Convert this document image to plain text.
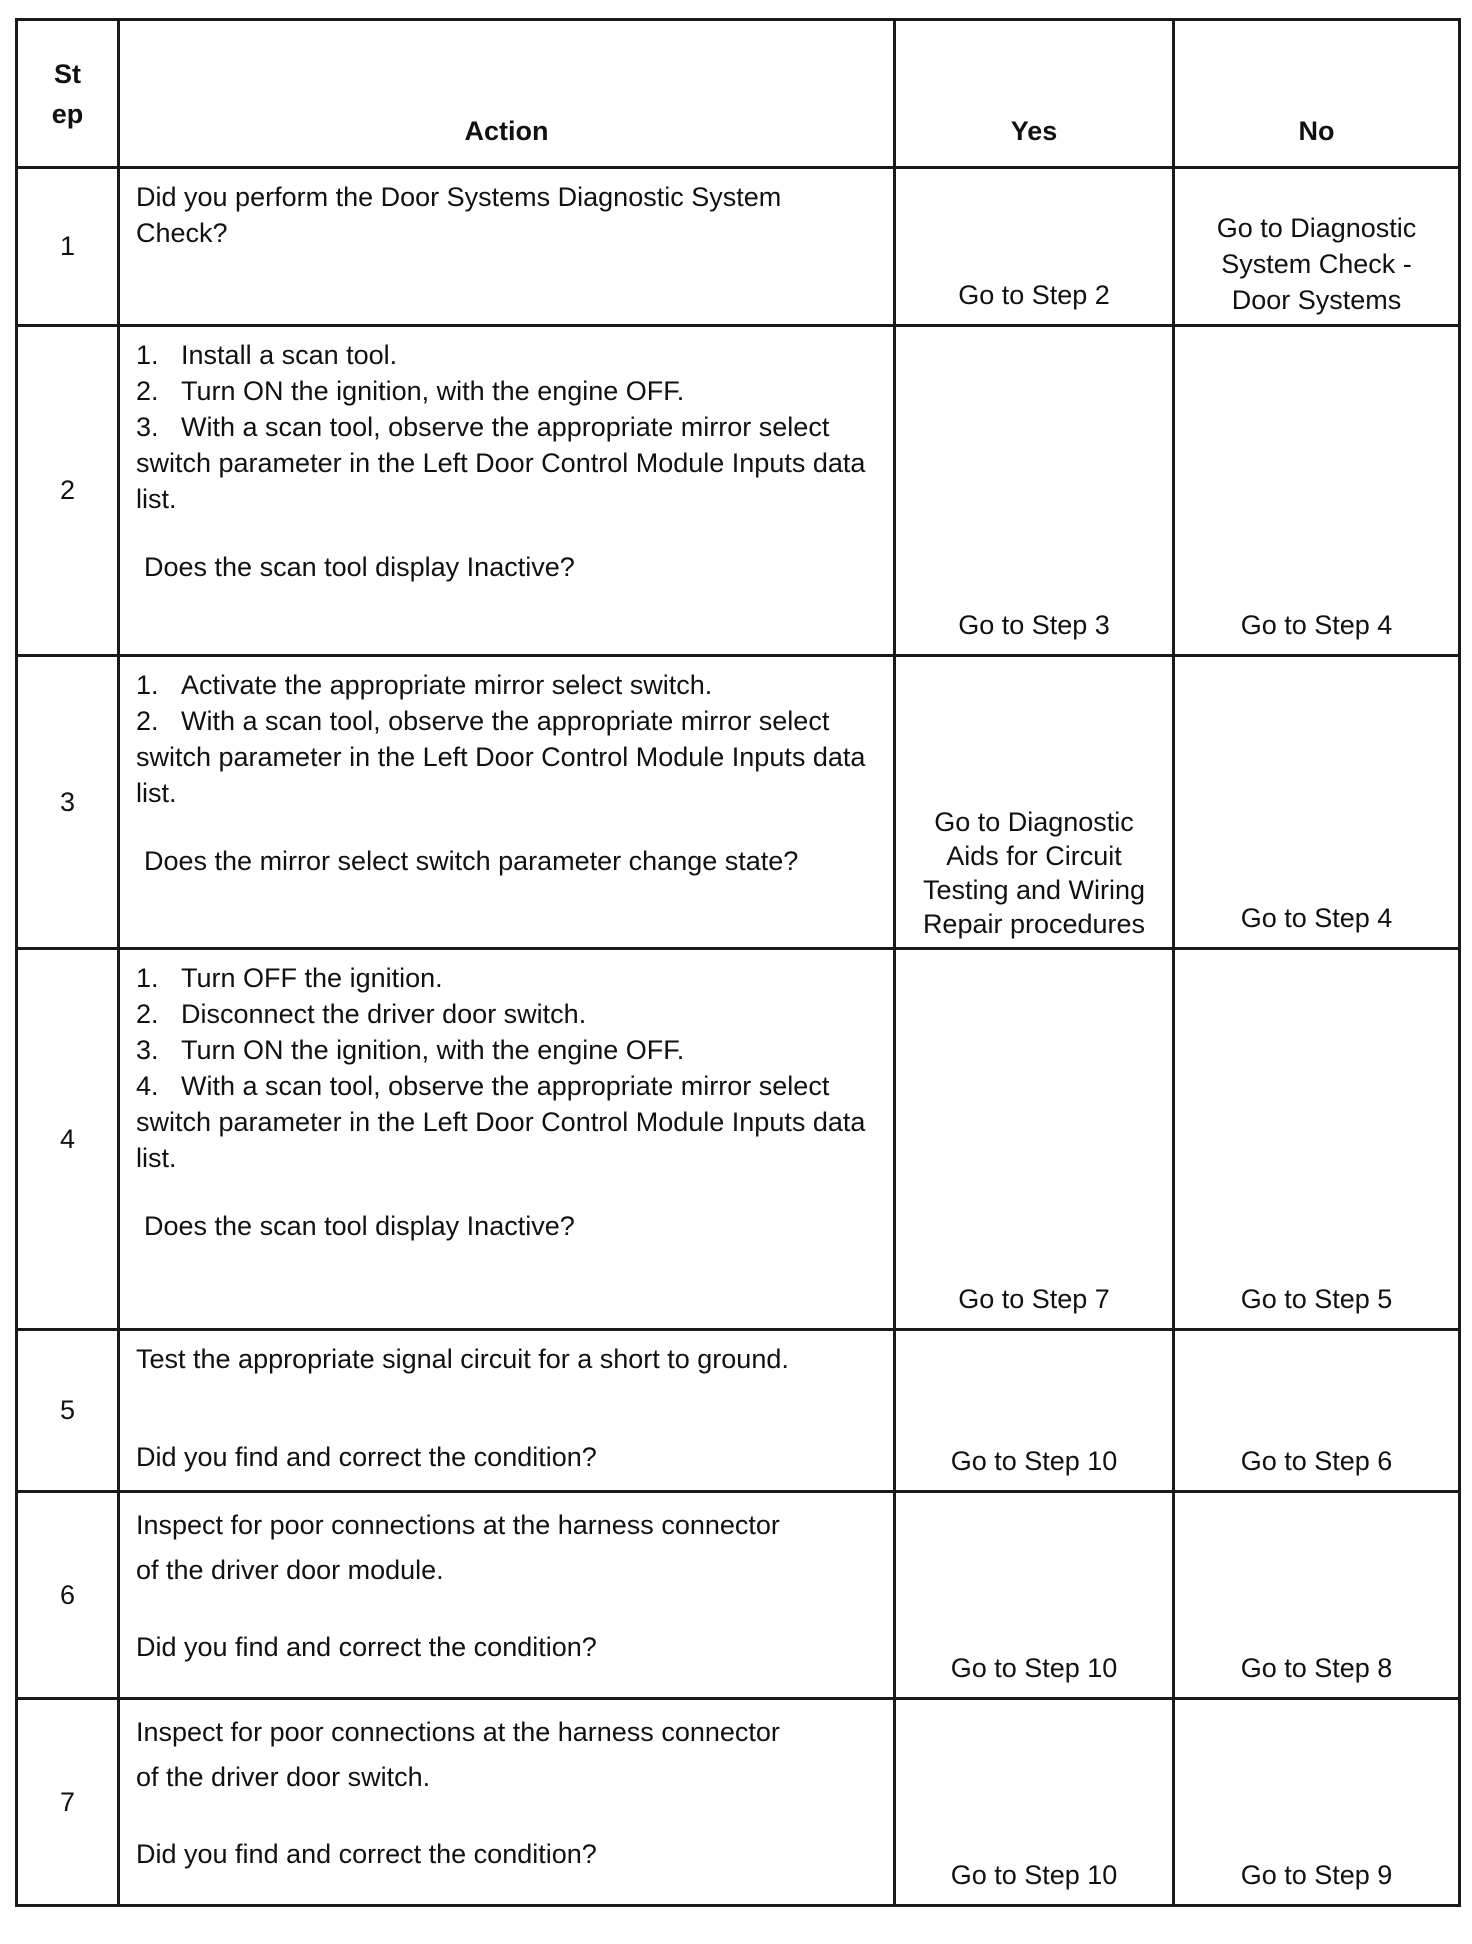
St
ep	Action	Yes	No
1	Did you perform the Door Systems Diagnostic System Check?	Go to Step 2	Go to Diagnostic System Check - Door Systems

2	1.   Install a scan tool.
2.   Turn ON the ignition, with the engine OFF.
3.   With a scan tool, observe the appropriate mirror select switch parameter in the Left Door Control Module Inputs data list.
Does the scan tool display Inactive?	Go to Step 3	Go to Step 4
3	1.   Activate the appropriate mirror select switch.
2.   With a scan tool, observe the appropriate mirror select switch parameter in the Left Door Control Module Inputs data list.
Does the mirror select switch parameter change state?	Go to Diagnostic Aids for Circuit Testing and Wiring Repair procedures	Go to Step 4
4	1.   Turn OFF the ignition.
2.   Disconnect the driver door switch.
3.   Turn ON the ignition, with the engine OFF.
4.   With a scan tool, observe the appropriate mirror select switch parameter in the Left Door Control Module Inputs data list.
Does the scan tool display Inactive?	Go to Step 7	Go to Step 5
5	Test the appropriate signal circuit for a short to ground.
Did you find and correct the condition?	Go to Step 10	Go to Step 6
6	Inspect for poor connections at the harness connector of the driver door module.
Did you find and correct the condition?	Go to Step 10	Go to Step 8
7	Inspect for poor connections at the harness connector of the driver door switch.
Did you find and correct the condition?	Go to Step 10	Go to Step 9
